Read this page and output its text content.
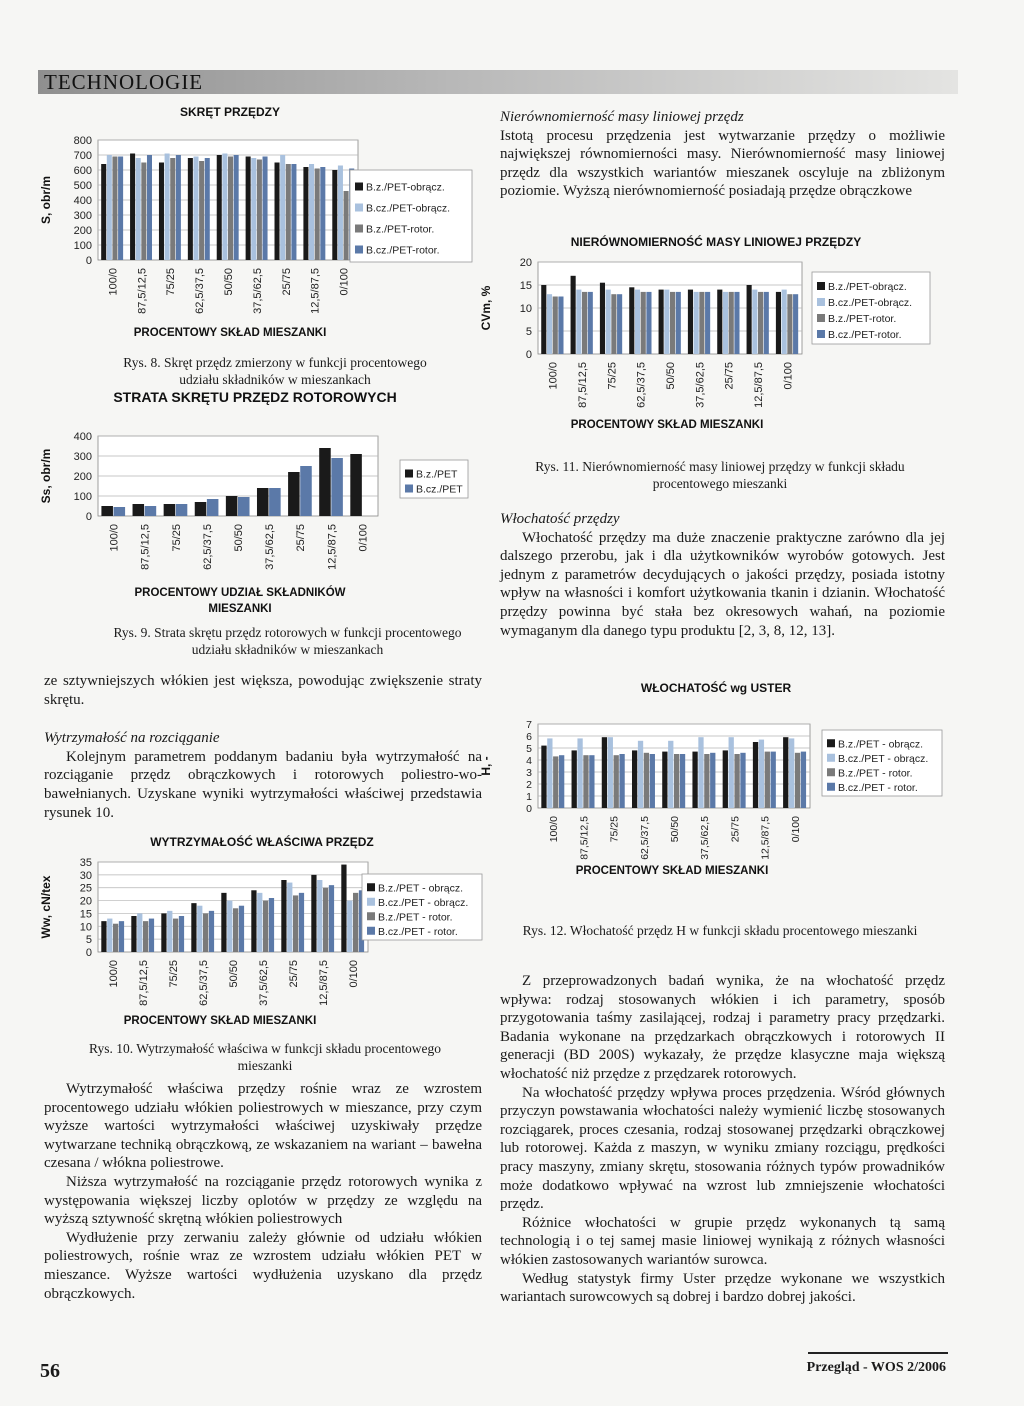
TECHNOLOGIE
SKRĘT PRZĘDZY
0
100
200
300
400
500
600
700
800
S, obr/m
100/0 87,5/12,5 75/25 62,5/37,5 50/50 37,5/62,5 25/75 12,5/87,5 0/100
PROCENTOWY SKŁAD MIESZANKI
B.z./PET-obrącz.
B.cz./PET-obrącz.
B.z./PET-rotor.
B.cz./PET-rotor.
Rys. 8. Skręt przędz zmierzony w funkcji procentowego udziału składników w mieszankach
STRATA SKRĘTU PRZĘDZ ROTOROWYCH
0
100
200
300
400
Ss, obr/m
100/0 87,5/12,5 75/25 62,5/37,5 50/50 37,5/62,5 25/75 12,5/87,5 0/100
PROCENTOWY UDZIAŁ SKŁADNIKÓW MIESZANKI
B.z./PET
B.cz./PET
Rys. 9. Strata skrętu przędz rotorowych w funkcji procentowego udziału składników w mieszankach

ze sztywniejszych włókien jest większa, powodując zwiększenie straty skrętu.

Wytrzymałość na rozciąganie

Kolejnym parametrem poddanym badaniu była wytrzymałość na rozciąganie przędz obrączkowych i rotorowych poliestro-wo-bawełnianych. Uzyskane wyniki wytrzymałości właściwej przedstawia rysunek 10.

WYTRZYMAŁOŚĆ WŁAŚCIWA PRZĘDZ
0
5
10
15
20
25
30
35
Ww, cN/tex
100/0 87,5/12,5 75/25 62,5/37,5 50/50 37,5/62,5 25/75 12,5/87,5 0/100
PROCENTOWY SKŁAD MIESZANKI
B.z./PET - obrącz.
B.cz./PET - obrącz.
B.z./PET - rotor.
B.cz./PET - rotor.
Rys. 10. Wytrzymałość właściwa w funkcji składu procentowego mieszanki

Wytrzymałość właściwa przędzy rośnie wraz ze wzrostem procentowego udziału włókien poliestrowych w mieszance, przy czym wyższe wartości wytrzymałości właściwej uzyskiwały przędze wytwarzane techniką obrączkową, ze wskazaniem na wariant – bawełna czesana / włókna poliestrowe.

Niższa wytrzymałość na rozciąganie przędz rotorowych wynika z występowania większej liczby oplotów w przędzy ze względu na wyższą sztywność skrętną włókien poliestrowych

Wydłużenie przy zerwaniu zależy głównie od udziału włókien poliestrowych, rośnie wraz ze wzrostem udziału włókien PET w mieszance. Wyższe wartości wydłużenia uzyskano dla przędz obrączkowych.

Nierównomierność masy liniowej przędz

Istotą procesu przędzenia jest wytwarzanie przędzy o możliwie największej równomierności masy. Nierównomierność masy liniowej przędz dla wszystkich wariantów mieszanek oscyluje na zbliżonym poziomie. Wyższą nierównomierność posiadają przędze obrączkowe

NIERÓWNOMIERNOŚĆ MASY LINIOWEJ PRZĘDZY
0
5
10
15
20
CVm, %
100/0 87,5/12,5 75/25 62,5/37,5 50/50 37,5/62,5 25/75 12,5/87,5 0/100
PROCENTOWY SKŁAD MIESZANKI
B.z./PET-obrącz.
B.cz./PET-obrącz.
B.z./PET-rotor.
B.cz./PET-rotor.
Rys. 11. Nierównomierność masy liniowej przędzy w funkcji składu procentowego mieszanki

Włochatość przędzy

Włochatość przędzy ma duże znaczenie praktyczne zarówno dla jej dalszego przerobu, jak i dla użytkowników wyrobów gotowych. Jest jednym z parametrów decydujących o jakości przędzy, posiada istotny wpływ na własności i komfort użytkowania tkanin i dzianin. Włochatość przędzy powinna być stała bez okresowych wahań, na poziomie wymaganym dla danego typu produktu [2, 3, 8, 12, 13].

WŁOCHATOŚĆ wg USTER
0
1
2
3
4
5
6
7
H, -
100/0 87,5/12,5 75/25 62,5/37,5 50/50 37,5/62,5 25/75 12,5/87,5 0/100
PROCENTOWY SKŁAD MIESZANKI
B.z./PET - obrącz.
B.cz./PET - obrącz.
B.z./PET - rotor.
B.cz./PET - rotor.
Rys. 12. Włochatość przędz H w funkcji składu procentowego mieszanki

Z przeprowadzonych badań wynika, że na włochatość przędz wpływa: rodzaj stosowanych włókien i ich parametry, sposób przygotowania taśmy zasilającej, rodzaj i parametry pracy przędzarki. Badania wykonane na przędzarkach obrączkowych i rotorowych II generacji (BD 200S) wykazały, że przędze klasyczne maja większą włochatość niż przędze z przędzarek rotorowych.

Na włochatość przędzy wpływa proces przędzenia. Wśród głównych przyczyn powstawania włochatości należy wymienić liczbę stosowanych rozciągarek, proces czesania, rodzaj stosowanej przędzarki obrączkowej lub rotorowej. Każda z maszyn, w wyniku zmiany rozciągu, prędkości pracy maszyny, zmiany skrętu, stosowania różnych typów prowadników może dodatkowo wpływać na wzrost lub zmniejszenie włochatości przędz.

Różnice włochatości w grupie przędz wykonanych tą samą technologią i o tej samej masie liniowej wynikają z różnych własności włókien zastosowanych wariantów surowca.

Według statystyk firmy Uster przędze wykonane we wszystkich wariantach surowcowych są dobrej i bardzo dobrej jakości.

56	Przegląd - WOS 2/2006
